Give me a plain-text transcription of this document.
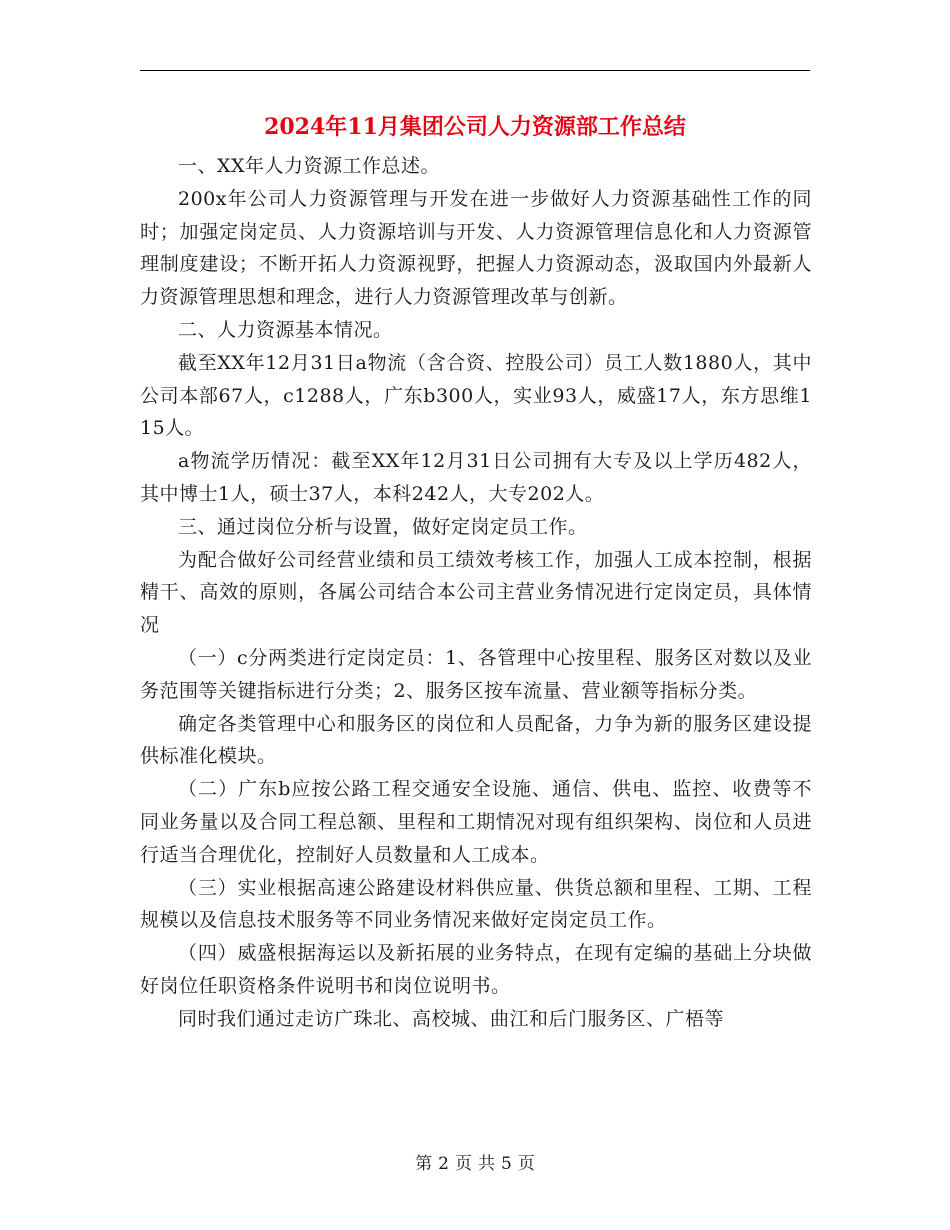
2024年11月集团公司人力资源部工作总结

一、XX年人力资源工作总述。

200x年公司人力资源管理与开发在进一步做好人力资源基础性工作的同时；加强定岗定员、人力资源培训与开发、人力资源管理信息化和人力资源管理制度建设；不断开拓人力资源视野，把握人力资源动态，汲取国内外最新人力资源管理思想和理念，进行人力资源管理改革与创新。

二、人力资源基本情况。

截至XX年12月31日a物流（含合资、控股公司）员工人数1880人，其中公司本部67人，c1288人，广东b300人，实业93人，威盛17人，东方思维115人。

a物流学历情况：截至XX年12月31日公司拥有大专及以上学历482人，其中博士1人，硕士37人，本科242人，大专202人。

三、通过岗位分析与设置，做好定岗定员工作。

为配合做好公司经营业绩和员工绩效考核工作，加强人工成本控制，根据精干、高效的原则，各属公司结合本公司主营业务情况进行定岗定员，具体情况

（一）c分两类进行定岗定员：1、各管理中心按里程、服务区对数以及业务范围等关键指标进行分类；2、服务区按车流量、营业额等指标分类。

确定各类管理中心和服务区的岗位和人员配备，力争为新的服务区建设提供标准化模块。

（二）广东b应按公路工程交通安全设施、通信、供电、监控、收费等不同业务量以及合同工程总额、里程和工期情况对现有组织架构、岗位和人员进行适当合理优化，控制好人员数量和人工成本。

（三）实业根据高速公路建设材料供应量、供货总额和里程、工期、工程规模以及信息技术服务等不同业务情况来做好定岗定员工作。

（四）威盛根据海运以及新拓展的业务特点，在现有定编的基础上分块做好岗位任职资格条件说明书和岗位说明书。

同时我们通过走访广珠北、高校城、曲江和后门服务区、广梧等

第 2 页 共 5 页
